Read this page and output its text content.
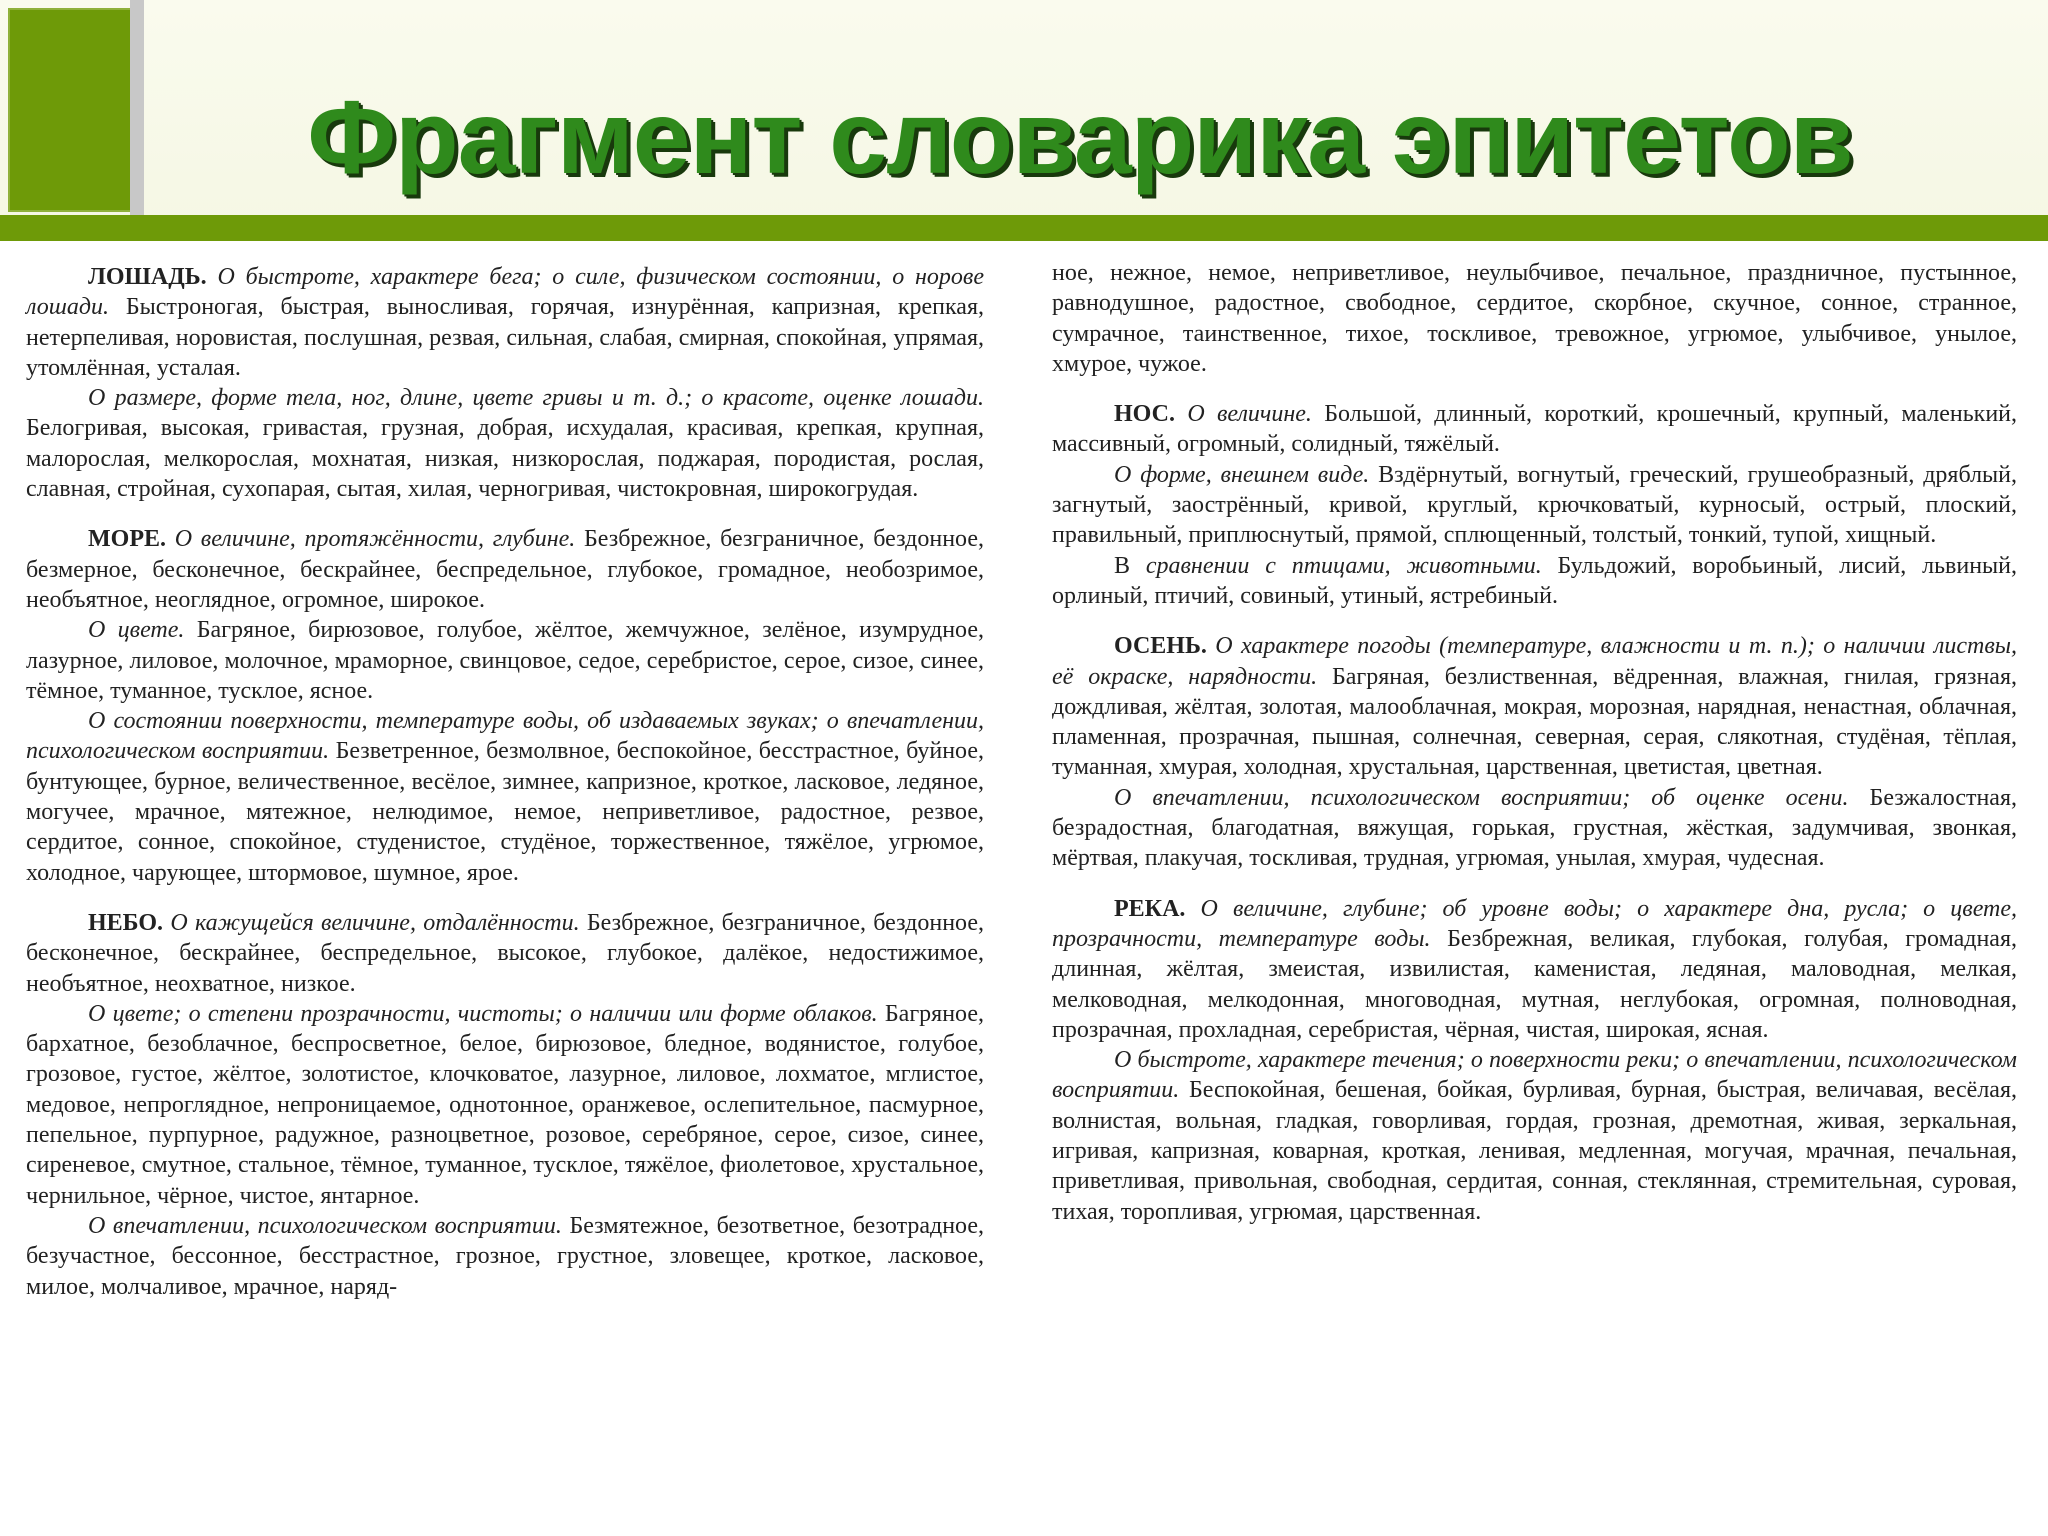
Фрагмент словарика эпитетов

ЛОШАДЬ. О быстроте, характере бега; о силе, физическом состоянии, о норове лошади. Быстроногая, быстрая, выносливая, горячая, изнурённая, капризная, крепкая, нетерпеливая, норовистая, послушная, резвая, сильная, слабая, смирная, спокойная, упрямая, утомлённая, усталая.

О размере, форме тела, ног, длине, цвете гривы и т. д.; о красоте, оценке лошади. Белогривая, высокая, гривастая, грузная, добрая, исхудалая, красивая, крепкая, крупная, малорослая, мелкорослая, мохнатая, низкая, низкорослая, поджарая, породистая, рослая, славная, стройная, сухопарая, сытая, хилая, черногривая, чистокровная, широкогрудая.

МОРЕ. О величине, протяжённости, глубине. Безбрежное, безграничное, бездонное, безмерное, бесконечное, бескрайнее, беспредельное, глубокое, громадное, необозримое, необъятное, неоглядное, огромное, широкое.

О цвете. Багряное, бирюзовое, голубое, жёлтое, жемчужное, зелёное, изумрудное, лазурное, лиловое, молочное, мраморное, свинцовое, седое, серебристое, серое, сизое, синее, тёмное, туманное, тусклое, ясное.

О состоянии поверхности, температуре воды, об издаваемых звуках; о впечатлении, психологическом восприятии. Безветренное, безмолвное, беспокойное, бесстрастное, буйное, бунтующее, бурное, величественное, весёлое, зимнее, капризное, кроткое, ласковое, ледяное, могучее, мрачное, мятежное, нелюдимое, немое, неприветливое, радостное, резвое, сердитое, сонное, спокойное, студенистое, студёное, торжественное, тяжёлое, угрюмое, холодное, чарующее, штормовое, шумное, ярое.

НЕБО. О кажущейся величине, отдалённости. Безбрежное, безграничное, бездонное, бесконечное, бескрайнее, беспредельное, высокое, глубокое, далёкое, недостижимое, необъятное, неохватное, низкое.

О цвете; о степени прозрачности, чистоты; о наличии или форме облаков. Багряное, бархатное, безоблачное, беспросветное, белое, бирюзовое, бледное, водянистое, голубое, грозовое, густое, жёлтое, золотистое, клочковатое, лазурное, лиловое, лохматое, мглистое, медовое, непроглядное, непроницаемое, однотонное, оранжевое, ослепительное, пасмурное, пепельное, пурпурное, радужное, разноцветное, розовое, серебряное, серое, сизое, синее, сиреневое, смутное, стальное, тёмное, туманное, тусклое, тяжёлое, фиолетовое, хрустальное, чернильное, чёрное, чистое, янтарное.

О впечатлении, психологическом восприятии. Безмятежное, безответное, безотрадное, безучастное, бессонное, бесстрастное, грозное, грустное, зловещее, кроткое, ласковое, милое, молчаливое, мрачное, наряд-

ное, нежное, немое, неприветливое, неулыбчивое, печальное, праздничное, пустынное, равнодушное, радостное, свободное, сердитое, скорбное, скучное, сонное, странное, сумрачное, таинственное, тихое, тоскливое, тревожное, угрюмое, улыбчивое, унылое, хмурое, чужое.

НОС. О величине. Большой, длинный, короткий, крошечный, крупный, маленький, массивный, огромный, солидный, тяжёлый.

О форме, внешнем виде. Вздёрнутый, вогнутый, греческий, грушеобразный, дряблый, загнутый, заострённый, кривой, круглый, крючковатый, курносый, острый, плоский, правильный, приплюснутый, прямой, сплющенный, толстый, тонкий, тупой, хищный.

В сравнении с птицами, животными. Бульдожий, воробьиный, лисий, львиный, орлиный, птичий, совиный, утиный, ястребиный.

ОСЕНЬ. О характере погоды (температуре, влажности и т. п.); о наличии листвы, её окраске, нарядности. Багряная, безлиственная, вёдренная, влажная, гнилая, грязная, дождливая, жёлтая, золотая, малооблачная, мокрая, морозная, нарядная, ненастная, облачная, пламенная, прозрачная, пышная, солнечная, северная, серая, слякотная, студёная, тёплая, туманная, хмурая, холодная, хрустальная, царственная, цветистая, цветная.

О впечатлении, психологическом восприятии; об оценке осени. Безжалостная, безрадостная, благодатная, вяжущая, горькая, грустная, жёсткая, задумчивая, звонкая, мёртвая, плакучая, тоскливая, трудная, угрюмая, унылая, хмурая, чудесная.

РЕКА. О величине, глубине; об уровне воды; о характере дна, русла; о цвете, прозрачности, температуре воды. Безбрежная, великая, глубокая, голубая, громадная, длинная, жёлтая, змеистая, извилистая, каменистая, ледяная, маловодная, мелкая, мелководная, мелкодонная, многоводная, мутная, неглубокая, огромная, полноводная, прозрачная, прохладная, серебристая, чёрная, чистая, широкая, ясная.

О быстроте, характере течения; о поверхности реки; о впечатлении, психологическом восприятии. Беспокойная, бешеная, бойкая, бурливая, бурная, быстрая, величавая, весёлая, волнистая, вольная, гладкая, говорливая, гордая, грозная, дремотная, живая, зеркальная, игривая, капризная, коварная, кроткая, ленивая, медленная, могучая, мрачная, печальная, приветливая, привольная, свободная, сердитая, сонная, стеклянная, стремительная, суровая, тихая, торопливая, угрюмая, царственная.
